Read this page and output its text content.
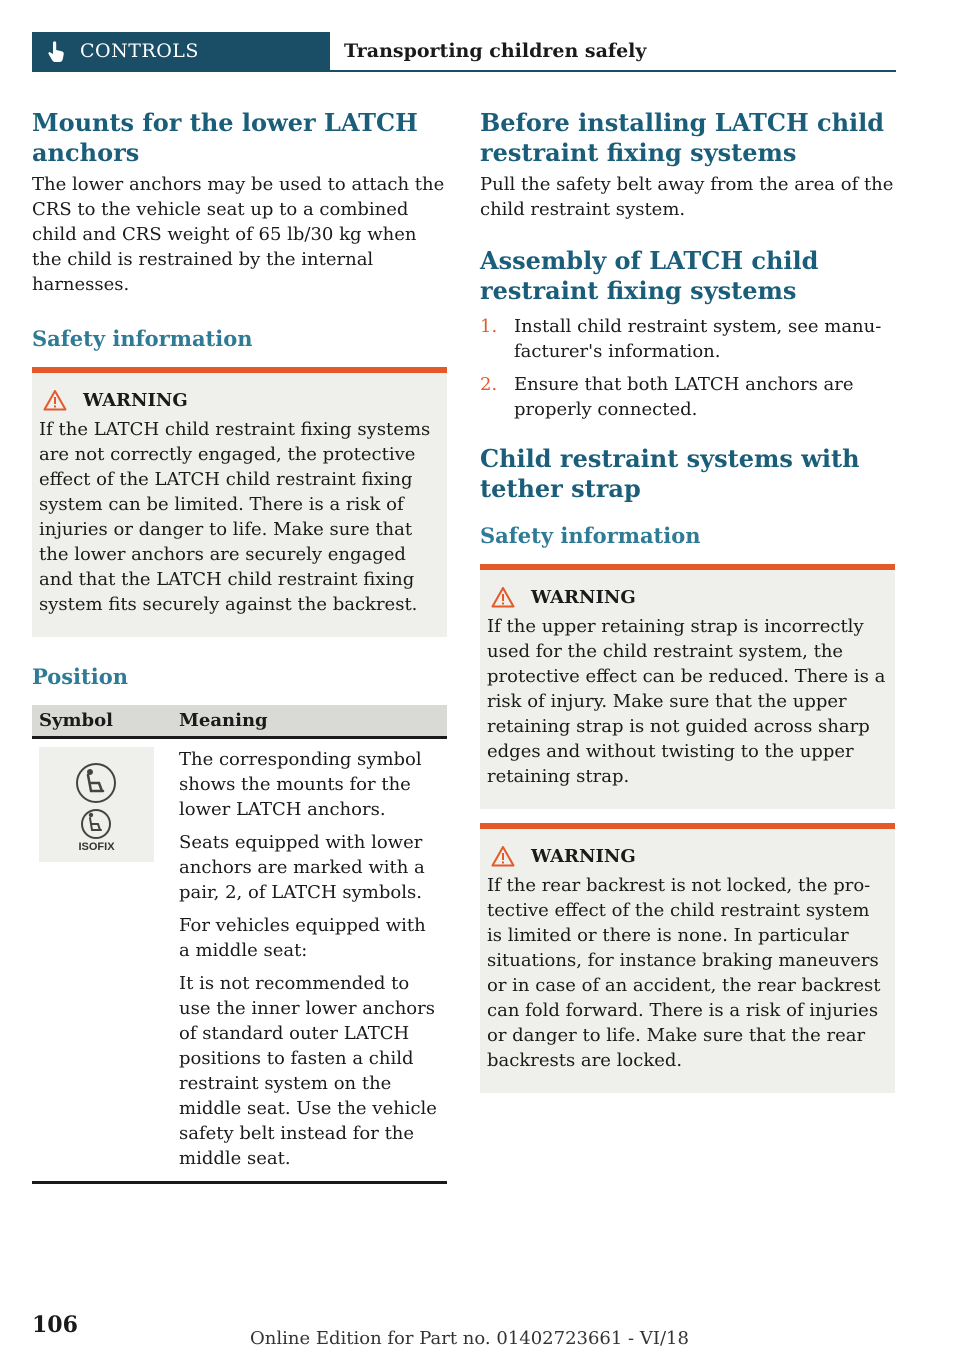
CONTROLS	Transporting children safely
Mounts for the lower LATCH anchors

The lower anchors may be used to attach the CRS to the vehicle seat up to a combined child and CRS weight of 65 lb/30 kg when the child is restrained by the internal harnesses.

Safety information
WARNING
If the LATCH child restraint fixing systems are not correctly engaged, the protective effect of the LATCH child restraint fixing system can be limited. There is a risk of injuries or danger to life. Make sure that the lower anchors are securely engaged and that the LATCH child restraint fixing system fits securely against the backrest.
Position
Symbol	Meaning

ISOFIX	The corresponding symbol shows the mounts for the lower LATCH anchors.

Seats equipped with lower anchors are marked with a pair, 2, of LATCH symbols.

For vehicles equipped with a middle seat:

It is not recommended to use the inner lower anchors of standard outer LATCH positions to fasten a child restraint system on the middle seat. Use the vehicle safety belt instead for the middle seat.

Before installing LATCH child restraint fixing systems

Pull the safety belt away from the area of the child restraint system.

Assembly of LATCH child restraint fixing systems
1. Install child restraint system, see manufacturer's information.
2. Ensure that both LATCH anchors are properly connected.
Child restraint systems with tether strap
Safety information
WARNING
If the upper retaining strap is incorrectly used for the child restraint system, the protective effect can be reduced. There is a risk of injury. Make sure that the upper retaining strap is not guided across sharp edges and without twisting to the upper retaining strap.
WARNING
If the rear backrest is not locked, the protective effect of the child restraint system is limited or there is none. In particular situations, for instance braking maneuvers or in case of an accident, the rear backrest can fold forward. There is a risk of injuries or danger to life. Make sure that the rear backrests are locked.
106
Online Edition for Part no. 01402723661 - VI/18
